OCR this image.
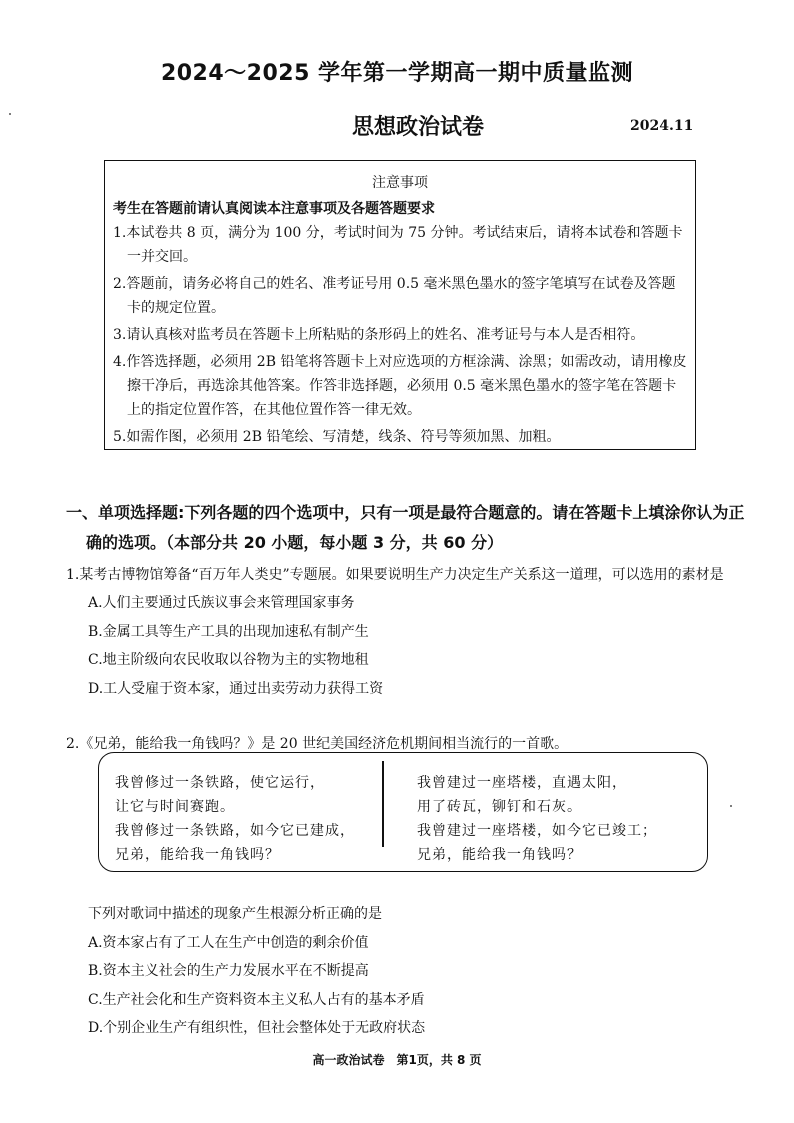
2024～2025 学年第一学期高一期中质量监测
思想政治试卷	2024.11
注意事项
考生在答题前请认真阅读本注意事项及各题答题要求
1.本试卷共 8 页，满分为 100 分，考试时间为 75 分钟。考试结束后，请将本试卷和答题卡一并交回。
2.答题前，请务必将自己的姓名、准考证号用 0.5 毫米黑色墨水的签字笔填写在试卷及答题卡的规定位置。
3.请认真核对监考员在答题卡上所粘贴的条形码上的姓名、准考证号与本人是否相符。
4.作答选择题，必须用 2B 铅笔将答题卡上对应选项的方框涂满、涂黑；如需改动，请用橡皮擦干净后，再选涂其他答案。作答非选择题，必须用 0.5 毫米黑色墨水的签字笔在答题卡上的指定位置作答，在其他位置作答一律无效。
5.如需作图，必须用 2B 铅笔绘、写清楚，线条、符号等须加黑、加粗。
一、单项选择题:下列各题的四个选项中，只有一项是最符合题意的。请在答题卡上填涂你认为正确的选项。（本部分共 20 小题，每小题 3 分，共 60 分）

1.某考古博物馆筹备“百万年人类史”专题展。如果要说明生产力决定生产关系这一道理，可以选用的素材是

A.人们主要通过氏族议事会来管理国家事务

B.金属工具等生产工具的出现加速私有制产生

C.地主阶级向农民收取以谷物为主的实物地租

D.工人受雇于资本家，通过出卖劳动力获得工资

2.《兄弟，能给我一角钱吗？》是 20 世纪美国经济危机期间相当流行的一首歌。

我曾修过一条铁路，使它运行，

让它与时间赛跑。

我曾修过一条铁路，如今它已建成，

兄弟，能给我一角钱吗？

我曾建过一座塔楼，直遇太阳，

用了砖瓦，铆钉和石灰。

我曾建过一座塔楼，如今它已竣工；

兄弟，能给我一角钱吗？

下列对歌词中描述的现象产生根源分析正确的是

A.资本家占有了工人在生产中创造的剩余价值

B.资本主义社会的生产力发展水平在不断提高

C.生产社会化和生产资料资本主义私人占有的基本矛盾

D.个别企业生产有组织性，但社会整体处于无政府状态

高一政治试卷　第1页，共 8 页
